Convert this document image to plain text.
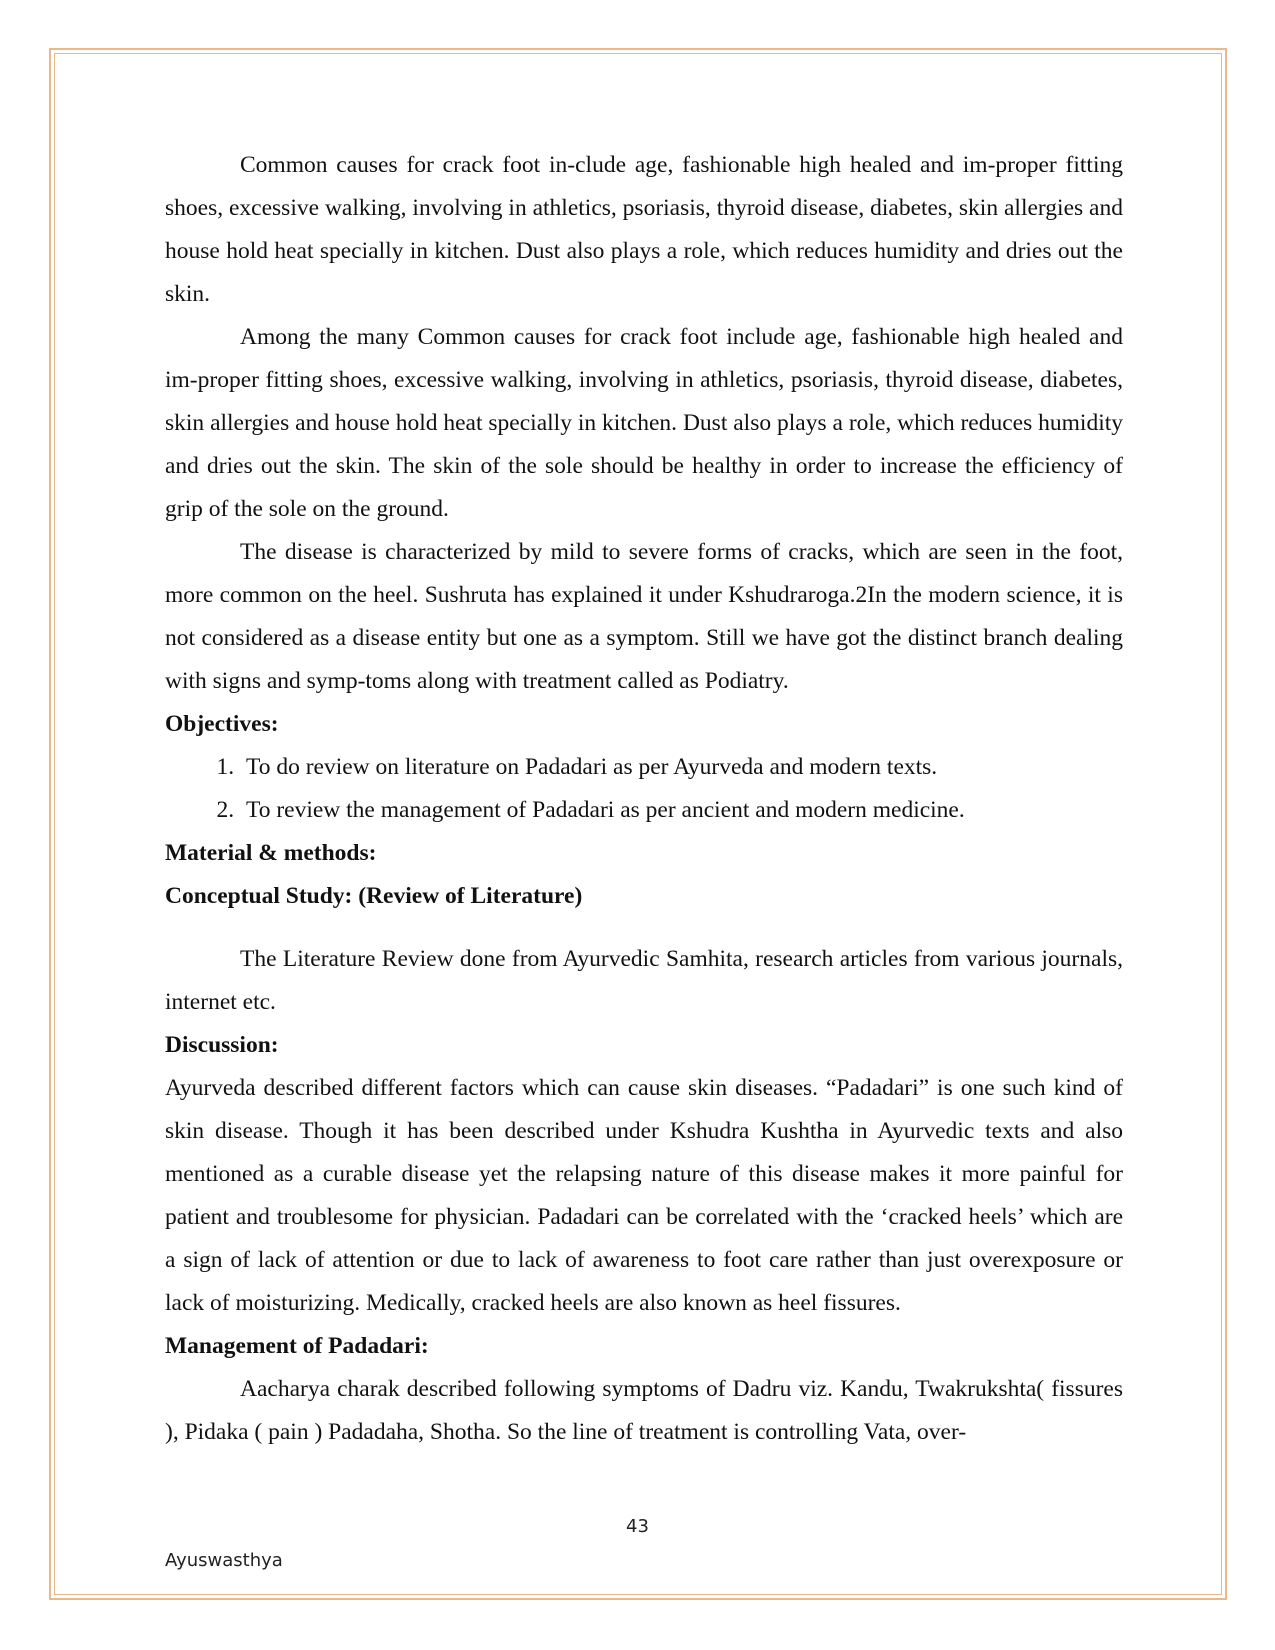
Common causes for crack foot in-clude age, fashionable high healed and im-proper fitting shoes, excessive walking, involving in athletics, psoriasis, thyroid disease, diabetes, skin allergies and house hold heat specially in kitchen. Dust also plays a role, which reduces humidity and dries out the skin.

Among the many Common causes for crack foot include age, fashionable high healed and im-proper fitting shoes, excessive walking, involving in athletics, psoriasis, thyroid disease, diabetes, skin allergies and house hold heat specially in kitchen. Dust also plays a role, which reduces humidity and dries out the skin. The skin of the sole should be healthy in order to increase the efficiency of grip of the sole on the ground.

The disease is characterized by mild to severe forms of cracks, which are seen in the foot, more common on the heel. Sushruta has explained it under Kshudraroga.2In the modern science, it is not considered as a disease entity but one as a symptom. Still we have got the distinct branch dealing with signs and symp-toms along with treatment called as Podiatry.

Objectives:

1. To do review on literature on Padadari as per Ayurveda and modern texts.
2. To review the management of Padadari as per ancient and modern medicine.

Material & methods:

Conceptual Study: (Review of Literature)

The Literature Review done from Ayurvedic Samhita, research articles from various journals, internet etc.

Discussion:

Ayurveda described different factors which can cause skin diseases. “Padadari” is one such kind of skin disease. Though it has been described under Kshudra Kushtha in Ayurvedic texts and also mentioned as a curable disease yet the relapsing nature of this disease makes it more painful for patient and troublesome for physician. Padadari can be correlated with the ‘cracked heels’ which are a sign of lack of attention or due to lack of awareness to foot care rather than just overexposure or lack of moisturizing. Medically, cracked heels are also known as heel fissures.

Management of Padadari:

Aacharya charak described following symptoms of Dadru viz. Kandu, Twakrukshta( fissures ), Pidaka ( pain ) Padadaha, Shotha. So the line of treatment is controlling Vata, over-

43
Ayuswasthya
